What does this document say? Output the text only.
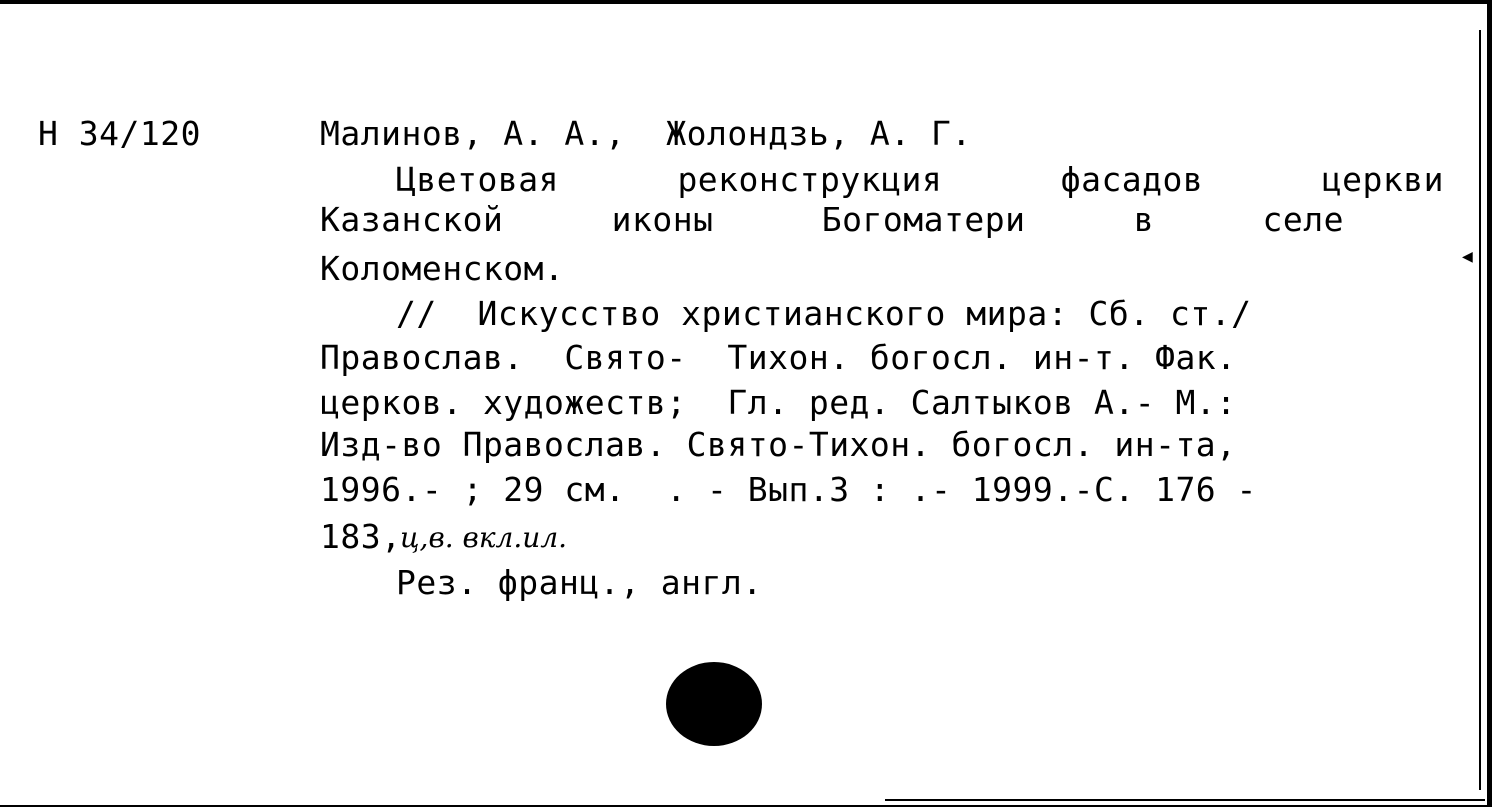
Н 34/120	Малинов, А. А.,  Жолондзь, А. Г.
Цветовая	реконструкция	фасадов	церкви
Казанской	иконы	Богоматери	в	селе
Коломенском.
//  Искусство христианского мира: Сб. ст./
Православ.  Свято-  Тихон. богосл. ин-т. Фак.
церков. художеств;  Гл. ред. Салтыков А.- М.:
Изд-во Православ. Свято-Тихон. богосл. ин-та,
1996.- ; 29 см.  . - Вып.3 : .- 1999.-С. 176 -
183,
ц,в. вкл.ил.
Рез. франц., англ.
◀
